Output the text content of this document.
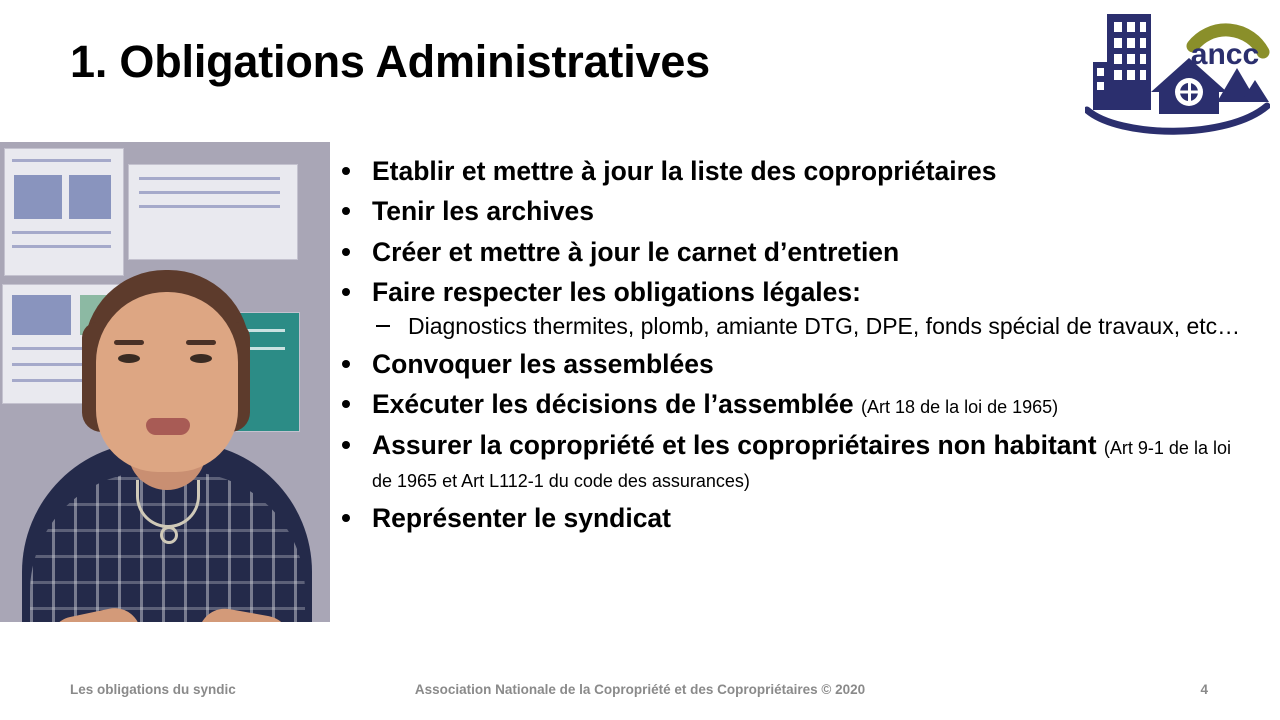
1. Obligations Administratives	ancc
Etablir et mettre à jour la liste des copropriétaires
Tenir les archives
Créer et mettre à jour le carnet d’entretien
Faire respecter les obligations légales:
Diagnostics thermites, plomb, amiante DTG, DPE, fonds spécial de travaux, etc…
Convoquer les assemblées
Exécuter les décisions de l’assemblée (Art 18 de la loi de 1965)
Assurer la copropriété et les copropriétaires non habitant (Art 9-1 de la loi de 1965 et Art L112-1 du code des assurances)
Représenter le syndicat
Les obligations du syndic	Association Nationale de la Copropriété et des Copropriétaires © 2020	4
